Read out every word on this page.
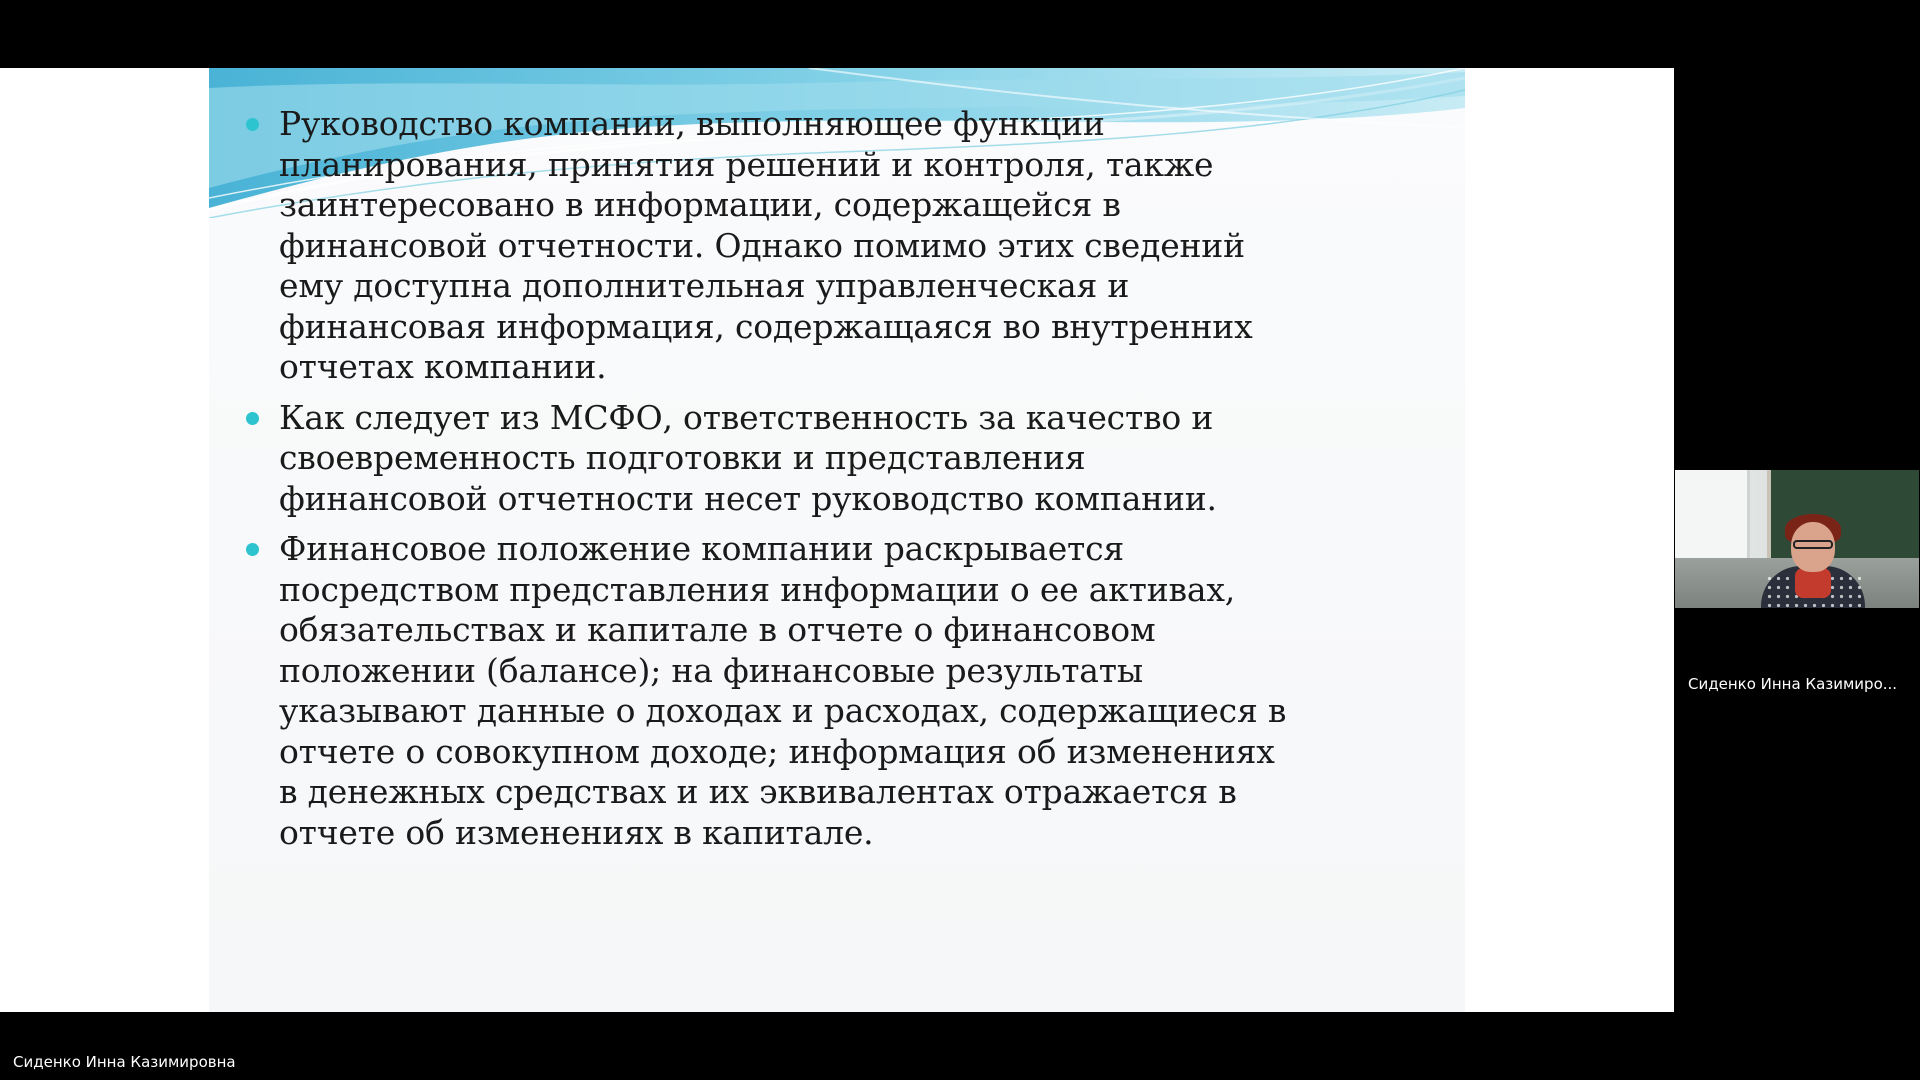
Руководство компании, выполняющее функции
планирования, принятия решений и контроля, также
заинтересовано в информации, содержащейся в
финансовой отчетности. Однако помимо этих сведений
ему доступна дополнительная управленческая и
финансовая информация, содержащаяся во внутренних
отчетах компании.
Как следует из МСФО, ответственность за качество и
своевременность подготовки и представления
финансовой отчетности несет руководство компании.
Финансовое положение компании раскрывается
посредством представления информации о ее активах,
обязательствах и капитале в отчете о финансовом
положении (балансе); на финансовые результаты
указывают данные о доходах и расходах, содержащиеся в
отчете о совокупном доходе; информация об изменениях
в денежных средствах и их эквивалентах отражается в
отчете об изменениях в капитале.
Сиденко Инна Казимиро...
Сиденко Инна Казимировна
